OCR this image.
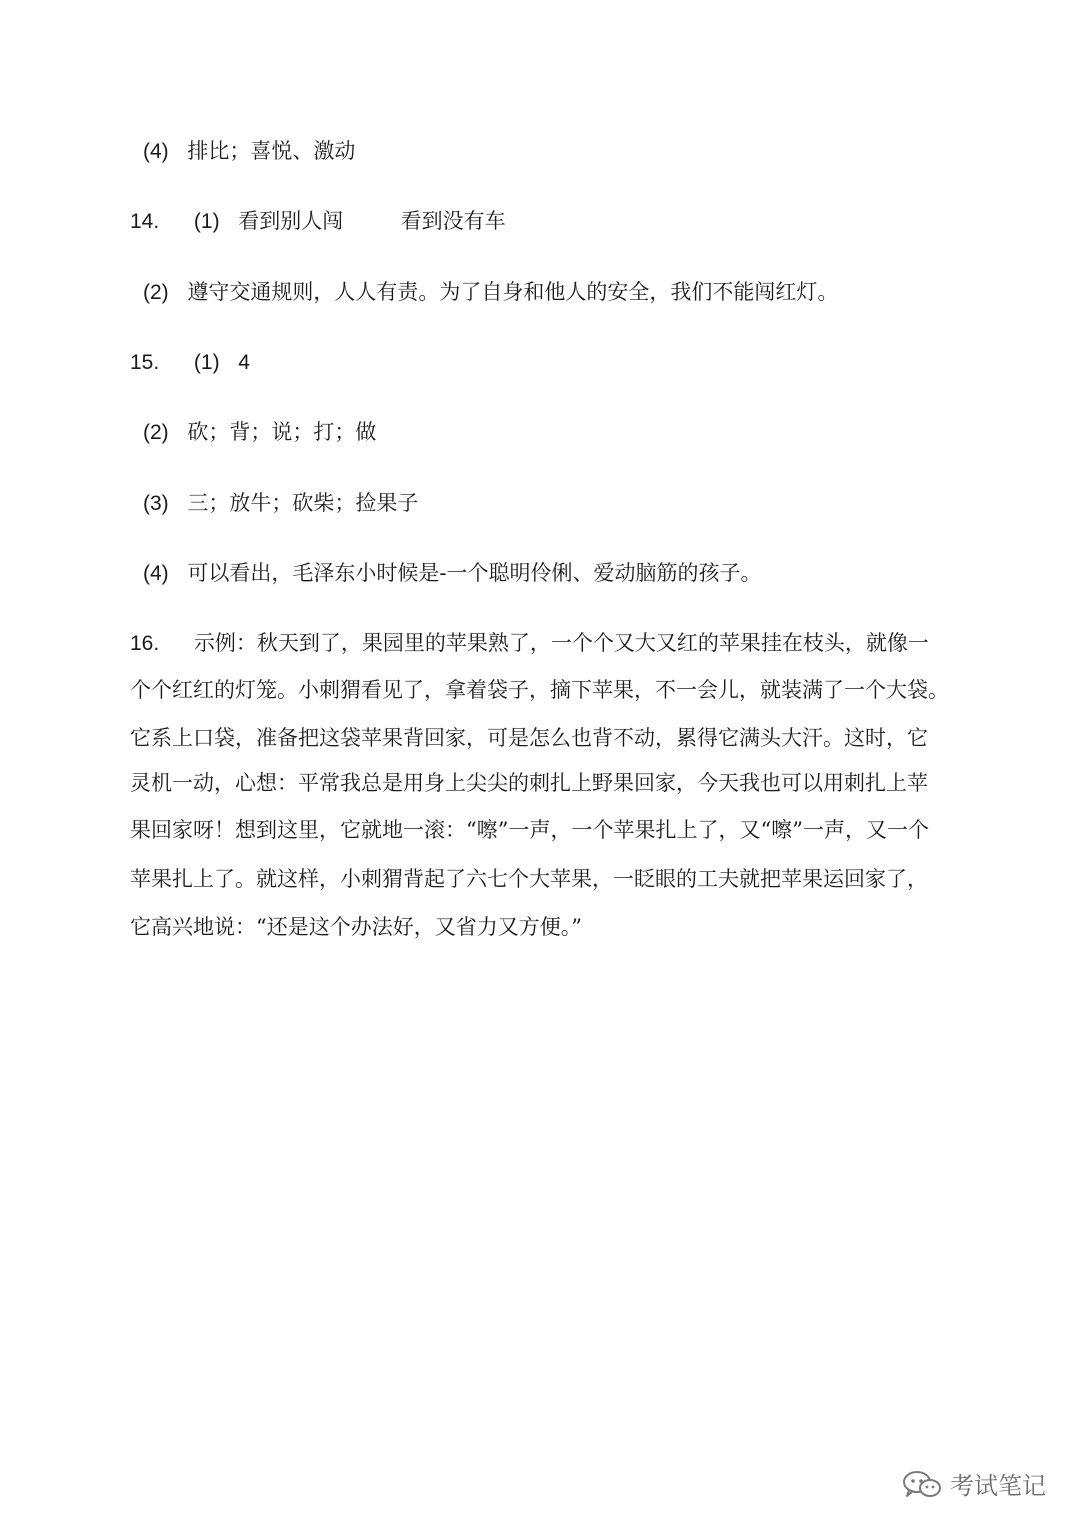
(4) 排比；喜悦、激动
14. (1) 看到别人闯	看到没有车
(2) 遵守交通规则，人人有责。为了自身和他人的安全，我们不能闯红灯。
15. (1) 4
(2) 砍；背；说；打；做
(3) 三；放牛；砍柴；捡果子
(4) 可以看出，毛泽东小时候是-一个聪明伶俐、爱动脑筋的孩子。
16. 示例：秋天到了，果园里的苹果熟了，一个个又大又红的苹果挂在枝头，就像一
个个红红的灯笼。小刺猬看见了，拿着袋子，摘下苹果，不一会儿，就装满了一个大袋。
它系上口袋，准备把这袋苹果背回家，可是怎么也背不动，累得它满头大汗。这时，它
灵机一动，心想：平常我总是用身上尖尖的刺扎上野果回家，今天我也可以用刺扎上苹
果回家呀！想到这里，它就地一滚：“嚓”一声，一个苹果扎上了，又“嚓”一声，又一个
苹果扎上了。就这样，小刺猬背起了六七个大苹果，一眨眼的工夫就把苹果运回家了，
它高兴地说：“还是这个办法好，又省力又方便。”
考试笔记
